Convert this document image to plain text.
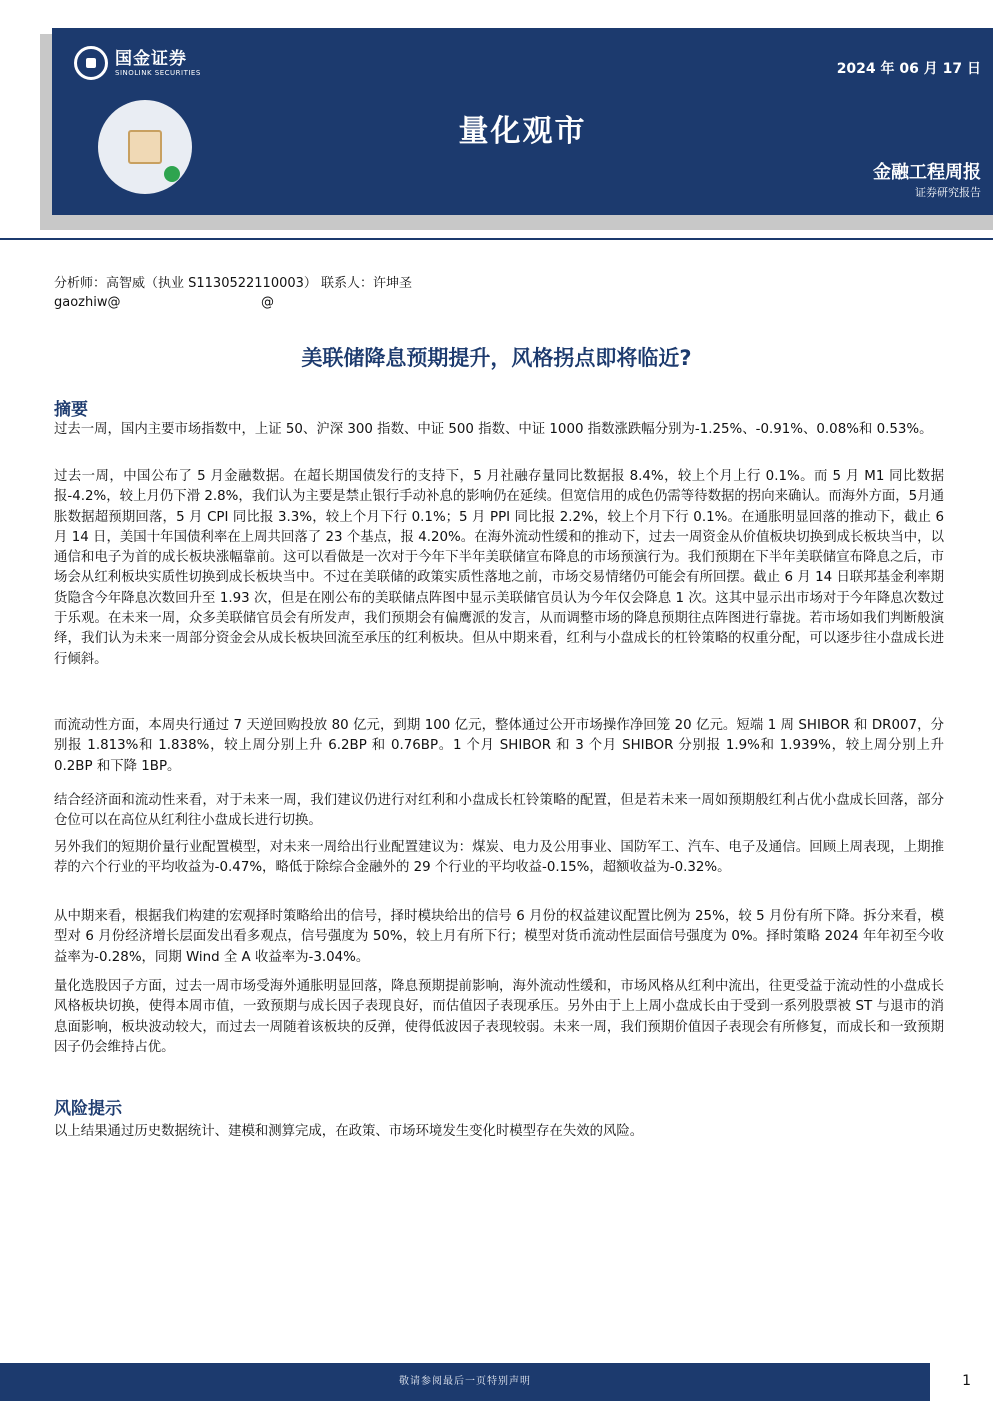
国金证券
SINOLINK SECURITIES	2024 年 06 月 17 日
量化观市
金融工程周报
证券研究报告
分析师：高智威（执业 S1130522110003） 联系人：许坤圣
gaozhiw@                                  @
美联储降息预期提升，风格拐点即将临近?
摘要
过去一周，国内主要市场指数中，上证 50、沪深 300 指数、中证 500 指数、中证 1000 指数涨跌幅分别为-1.25%、-0.91%、0.08%和 0.53%。
过去一周，中国公布了 5 月金融数据。在超长期国债发行的支持下，5 月社融存量同比数据报 8.4%，较上个月上行 0.1%。而 5 月 M1 同比数据报-4.2%，较上月仍下滑 2.8%，我们认为主要是禁止银行手动补息的影响仍在延续。但宽信用的成色仍需等待数据的拐向来确认。而海外方面，5月通胀数据超预期回落，5 月 CPI 同比报 3.3%，较上个月下行 0.1%；5 月 PPI 同比报 2.2%，较上个月下行 0.1%。在通胀明显回落的推动下，截止 6 月 14 日，美国十年国债利率在上周共回落了 23 个基点，报 4.20%。在海外流动性缓和的推动下，过去一周资金从价值板块切换到成长板块当中，以通信和电子为首的成长板块涨幅靠前。这可以看做是一次对于今年下半年美联储宣布降息的市场预演行为。我们预期在下半年美联储宣布降息之后，市场会从红利板块实质性切换到成长板块当中。不过在美联储的政策实质性落地之前，市场交易情绪仍可能会有所回摆。截止 6 月 14 日联邦基金利率期货隐含今年降息次数回升至 1.93 次，但是在刚公布的美联储点阵图中显示美联储官员认为今年仅会降息 1 次。这其中显示出市场对于今年降息次数过于乐观。在未来一周，众多美联储官员会有所发声，我们预期会有偏鹰派的发言，从而调整市场的降息预期往点阵图进行靠拢。若市场如我们判断般演绎，我们认为未来一周部分资金会从成长板块回流至承压的红利板块。但从中期来看，红利与小盘成长的杠铃策略的权重分配，可以逐步往小盘成长进行倾斜。
而流动性方面，本周央行通过 7 天逆回购投放 80 亿元，到期 100 亿元，整体通过公开市场操作净回笼 20 亿元。短端 1 周 SHIBOR 和 DR007，分别报 1.813%和 1.838%，较上周分别上升 6.2BP 和 0.76BP。1 个月 SHIBOR 和 3 个月 SHIBOR 分别报 1.9%和 1.939%，较上周分别上升 0.2BP 和下降 1BP。
结合经济面和流动性来看，对于未来一周，我们建议仍进行对红利和小盘成长杠铃策略的配置，但是若未来一周如预期般红利占优小盘成长回落，部分仓位可以在高位从红利往小盘成长进行切换。
另外我们的短期价量行业配置模型，对未来一周给出行业配置建议为：煤炭、电力及公用事业、国防军工、汽车、电子及通信。回顾上周表现，上期推荐的六个行业的平均收益为-0.47%，略低于除综合金融外的 29 个行业的平均收益-0.15%，超额收益为-0.32%。
从中期来看，根据我们构建的宏观择时策略给出的信号，择时模块给出的信号 6 月份的权益建议配置比例为 25%，较 5 月份有所下降。拆分来看，模型对 6 月份经济增长层面发出看多观点，信号强度为 50%，较上月有所下行；模型对货币流动性层面信号强度为 0%。择时策略 2024 年年初至今收益率为-0.28%，同期 Wind 全 A 收益率为-3.04%。
量化选股因子方面，过去一周市场受海外通胀明显回落，降息预期提前影响，海外流动性缓和，市场风格从红利中流出，往更受益于流动性的小盘成长风格板块切换，使得本周市值，一致预期与成长因子表现良好，而估值因子表现承压。另外由于上上周小盘成长由于受到一系列股票被 ST 与退市的消息面影响，板块波动较大，而过去一周随着该板块的反弹，使得低波因子表现较弱。未来一周，我们预期价值因子表现会有所修复，而成长和一致预期因子仍会维持占优。
风险提示
以上结果通过历史数据统计、建模和测算完成，在政策、市场环境发生变化时模型存在失效的风险。
敬请参阅最后一页特别声明	1
